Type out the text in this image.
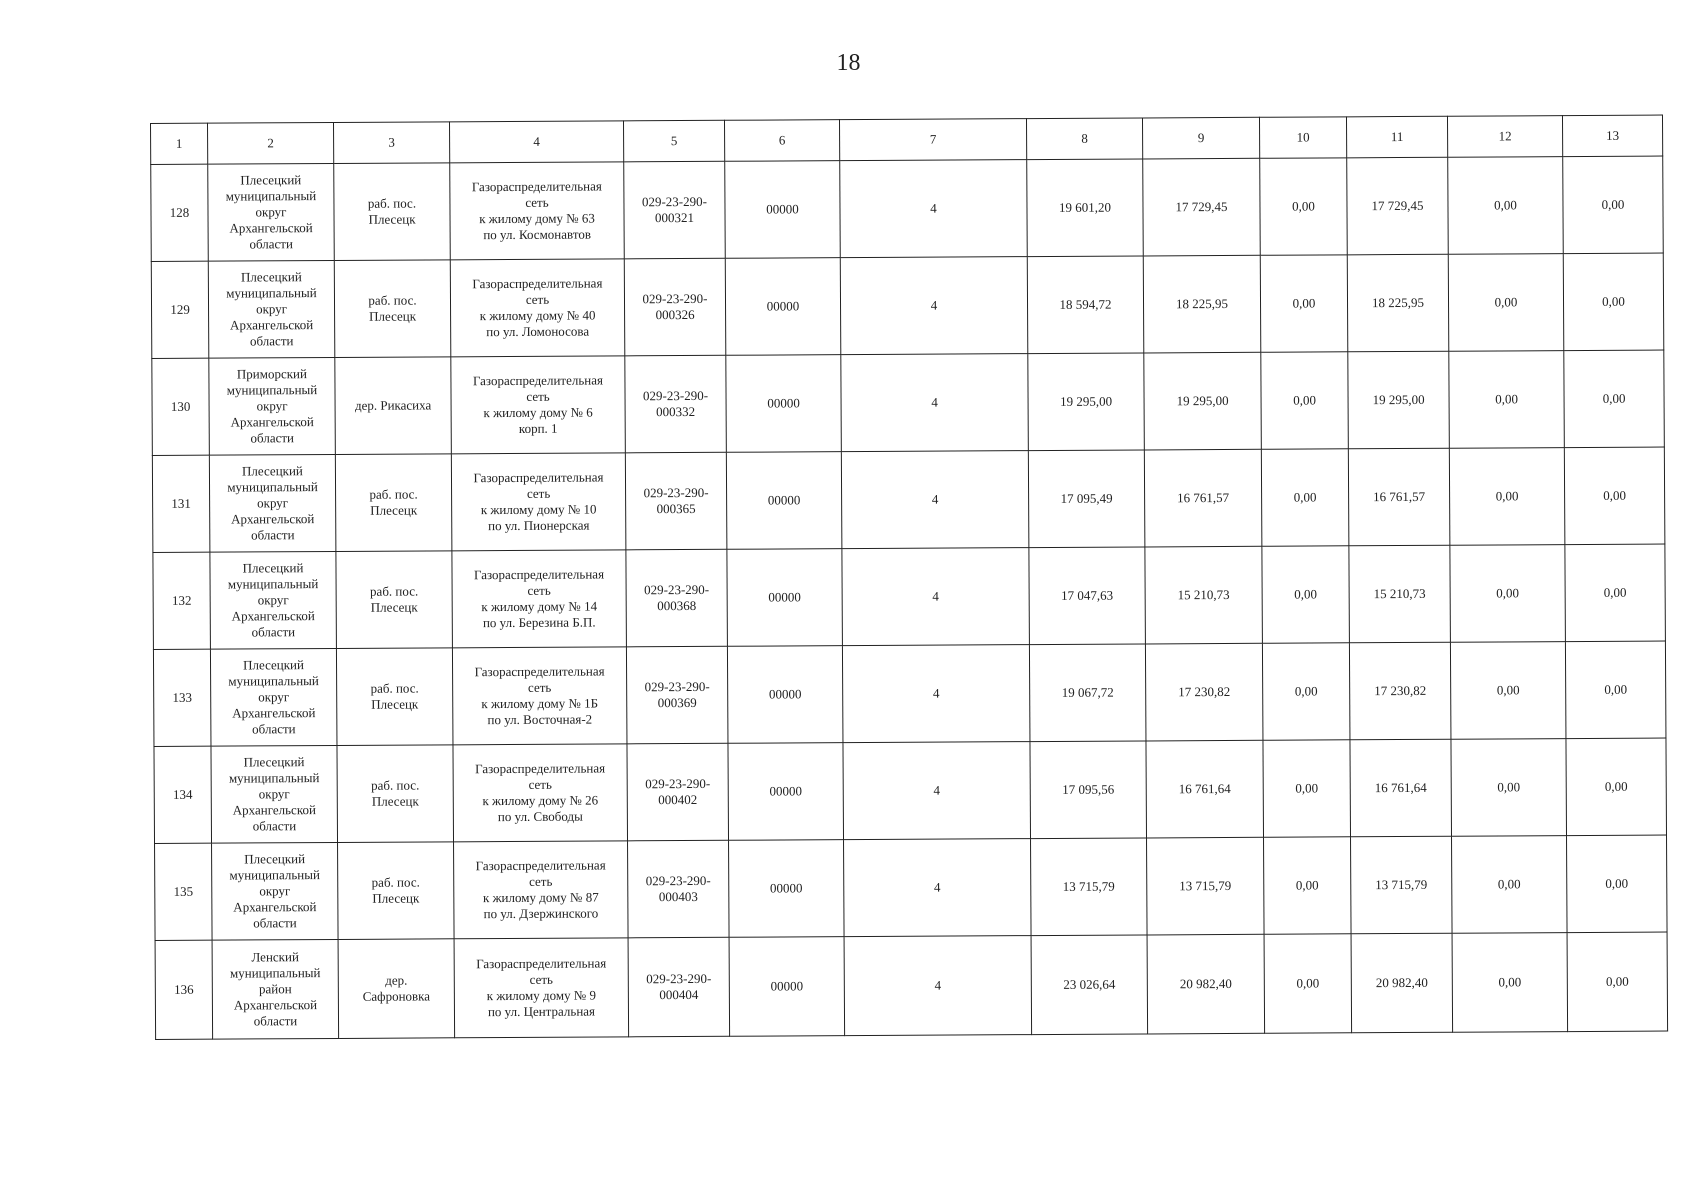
18
1	2	3	4	5	6	7	8	9	10	11	12	13
128	Плесецкий
муниципальный
округ
Архангельской
области	раб. пос.
Плесецк	Газораспределительная
сеть
к жилому дому № 63
по ул. Космонавтов	029-23-290-
000321	00000	4	19 601,20	17 729,45	0,00	17 729,45	0,00	0,00
129	Плесецкий
муниципальный
округ
Архангельской
области	раб. пос.
Плесецк	Газораспределительная
сеть
к жилому дому № 40
по ул. Ломоносова	029-23-290-
000326	00000	4	18 594,72	18 225,95	0,00	18 225,95	0,00	0,00
130	Приморский
муниципальный
округ
Архангельской
области	дер. Рикасиха	Газораспределительная
сеть
к жилому дому № 6
корп. 1	029-23-290-
000332	00000	4	19 295,00	19 295,00	0,00	19 295,00	0,00	0,00
131	Плесецкий
муниципальный
округ
Архангельской
области	раб. пос.
Плесецк	Газораспределительная
сеть
к жилому дому № 10
по ул. Пионерская	029-23-290-
000365	00000	4	17 095,49	16 761,57	0,00	16 761,57	0,00	0,00
132	Плесецкий
муниципальный
округ
Архангельской
области	раб. пос.
Плесецк	Газораспределительная
сеть
к жилому дому № 14
по ул. Березина Б.П.	029-23-290-
000368	00000	4	17 047,63	15 210,73	0,00	15 210,73	0,00	0,00
133	Плесецкий
муниципальный
округ
Архангельской
области	раб. пос.
Плесецк	Газораспределительная
сеть
к жилому дому № 1Б
по ул. Восточная-2	029-23-290-
000369	00000	4	19 067,72	17 230,82	0,00	17 230,82	0,00	0,00
134	Плесецкий
муниципальный
округ
Архангельской
области	раб. пос.
Плесецк	Газораспределительная
сеть
к жилому дому № 26
по ул. Свободы	029-23-290-
000402	00000	4	17 095,56	16 761,64	0,00	16 761,64	0,00	0,00
135	Плесецкий
муниципальный
округ
Архангельской
области	раб. пос.
Плесецк	Газораспределительная
сеть
к жилому дому № 87
по ул. Дзержинского	029-23-290-
000403	00000	4	13 715,79	13 715,79	0,00	13 715,79	0,00	0,00
136	Ленский
муниципальный
район
Архангельской
области	дер.
Сафроновка	Газораспределительная
сеть
к жилому дому № 9
по ул. Центральная	029-23-290-
000404	00000	4	23 026,64	20 982,40	0,00	20 982,40	0,00	0,00
